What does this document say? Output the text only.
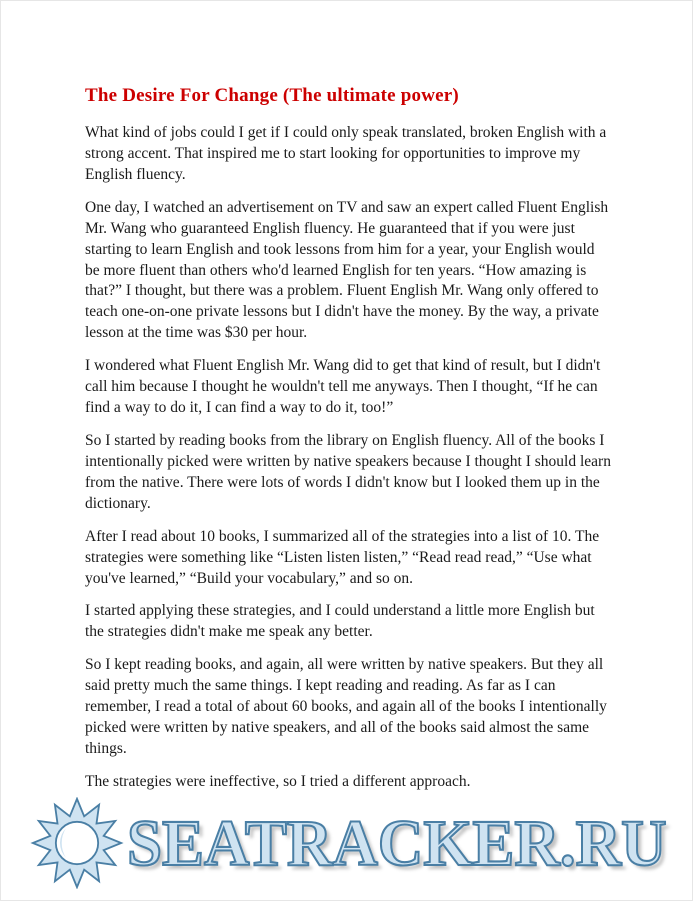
The Desire For Change (The ultimate power)

What kind of jobs could I get if I could only speak translated, broken English with a strong accent. That inspired me to start looking for opportunities to improve my English fluency.

One day, I watched an advertisement on TV and saw an expert called Fluent English Mr. Wang who guaranteed English fluency. He guaranteed that if you were just starting to learn English and took lessons from him for a year, your English would be more fluent than others who'd learned English for ten years. “How amazing is that?” I thought, but there was a problem. Fluent English Mr. Wang only offered to teach one-on-one private lessons but I didn't have the money. By the way, a private lesson at the time was $30 per hour.

I wondered what Fluent English Mr. Wang did to get that kind of result, but I didn't call him because I thought he wouldn't tell me anyways. Then I thought, “If he can find a way to do it, I can find a way to do it, too!”

So I started by reading books from the library on English fluency. All of the books I intentionally picked were written by native speakers because I thought I should learn from the native. There were lots of words I didn't know but I looked them up in the dictionary.

After I read about 10 books, I summarized all of the strategies into a list of 10. The strategies were something like “Listen listen listen,” “Read read read,” “Use what you've learned,” “Build your vocabulary,” and so on.

I started applying these strategies, and I could understand a little more English but the strategies didn't make me speak any better.

So I kept reading books, and again, all were written by native speakers. But they all said pretty much the same things. I kept reading and reading. As far as I can remember, I read a total of about 60 books, and again all of the books I intentionally picked were written by native speakers, and all of the books said almost the same things.

The strategies were ineffective, so I tried a different approach.

SEATRACKER.RU
